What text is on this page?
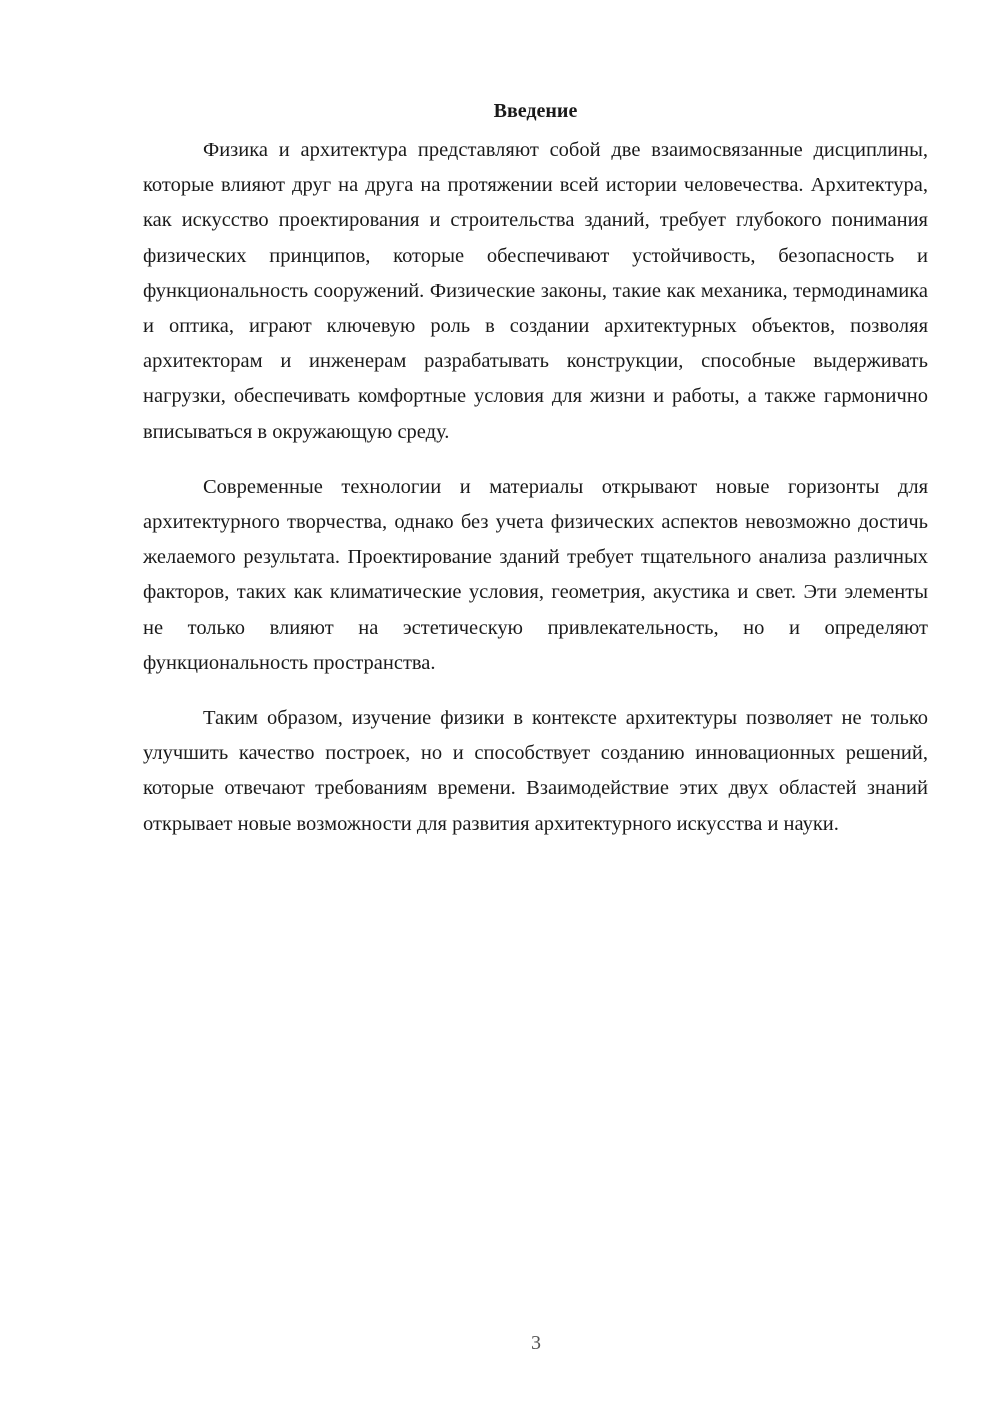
Введение

Физика и архитектура представляют собой две взаимосвязанные дисциплины, которые влияют друг на друга на протяжении всей истории человечества. Архитектура, как искусство проектирования и строительства зданий, требует глубокого понимания физических принципов, которые обеспечивают устойчивость, безопасность и функциональность сооружений. Физические законы, такие как механика, термодинамика и оптика, играют ключевую роль в создании архитектурных объектов, позволяя архитекторам и инженерам разрабатывать конструкции, способные выдерживать нагрузки, обеспечивать комфортные условия для жизни и работы, а также гармонично вписываться в окружающую среду.

Современные технологии и материалы открывают новые горизонты для архитектурного творчества, однако без учета физических аспектов невозможно достичь желаемого результата. Проектирование зданий требует тщательного анализа различных факторов, таких как климатические условия, геометрия, акустика и свет. Эти элементы не только влияют на эстетическую привлекательность, но и определяют функциональность пространства.

Таким образом, изучение физики в контексте архитектуры позволяет не только улучшить качество построек, но и способствует созданию инновационных решений, которые отвечают требованиям времени. Взаимодействие этих двух областей знаний открывает новые возможности для развития архитектурного искусства и науки.

3
